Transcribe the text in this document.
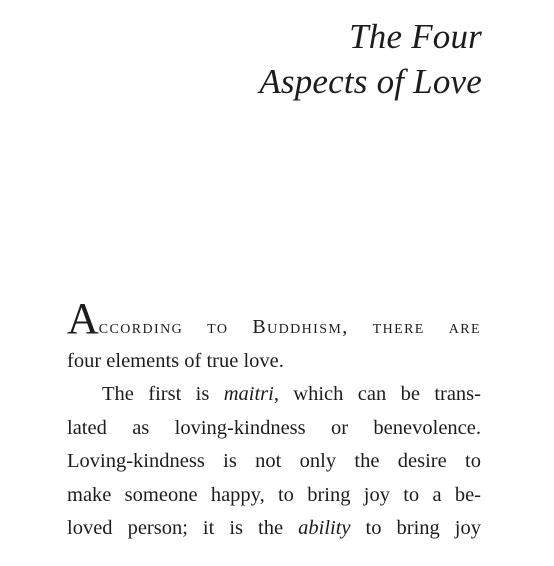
The Four
Aspects of Love

According to Buddhism, there are
four elements of true love.

The first is maitri, which can be trans-
lated as loving-kindness or benevolence.
Loving-kindness is not only the desire to
make someone happy, to bring joy to a be-
loved person; it is the ability to bring joy
